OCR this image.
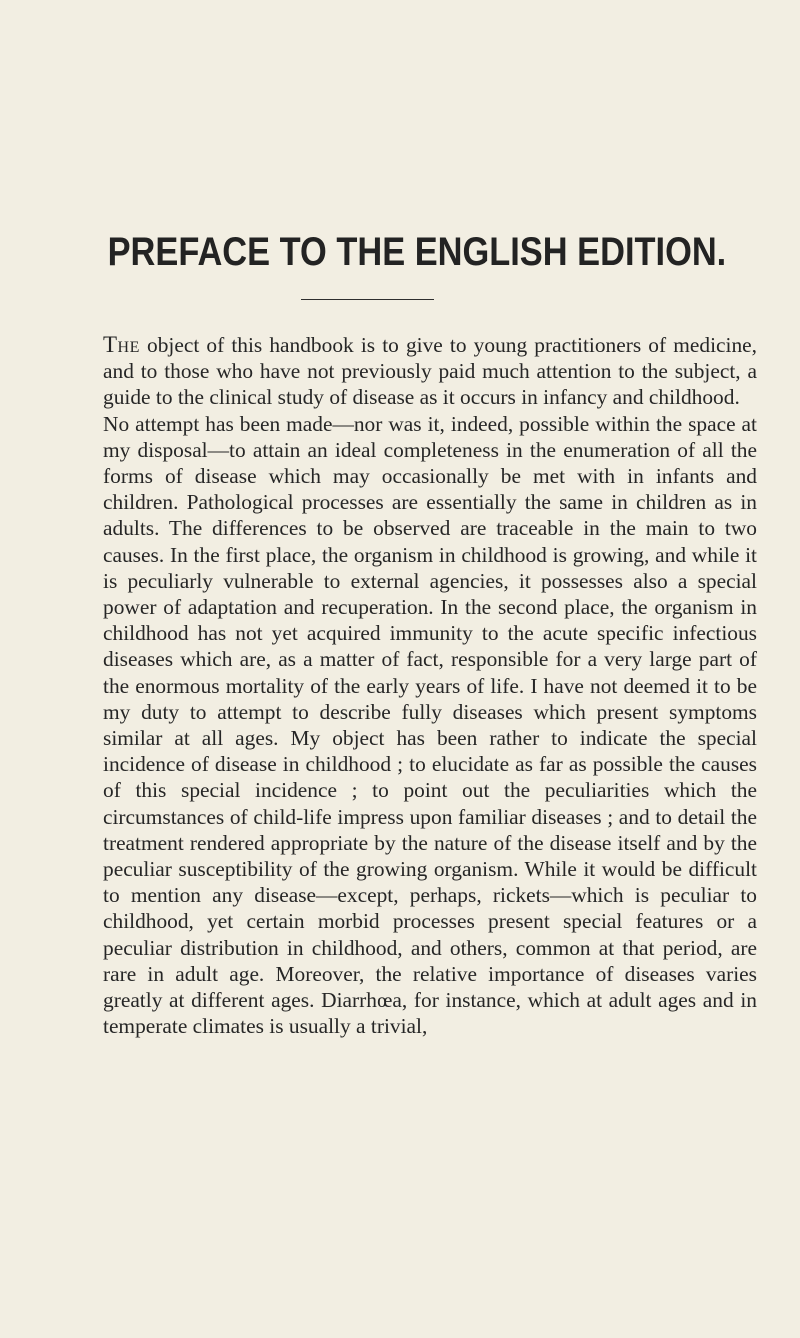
PREFACE TO THE ENGLISH EDITION.

The object of this handbook is to give to young practitioners of medicine, and to those who have not previously paid much attention to the subject, a guide to the clinical study of disease as it occurs in infancy and childhood.

No attempt has been made—nor was it, indeed, possible within the space at my disposal—to attain an ideal completeness in the enumeration of all the forms of disease which may occasionally be met with in infants and children. Pathological processes are essentially the same in children as in adults. The differences to be observed are traceable in the main to two causes. In the first place, the organism in childhood is growing, and while it is peculiarly vulnerable to external agencies, it possesses also a special power of adaptation and recuperation. In the second place, the organism in childhood has not yet acquired immunity to the acute specific infectious diseases which are, as a matter of fact, responsible for a very large part of the enormous mortality of the early years of life. I have not deemed it to be my duty to attempt to describe fully diseases which present symptoms similar at all ages. My object has been rather to indicate the special incidence of disease in childhood ; to elucidate as far as possible the causes of this special incidence ; to point out the peculiarities which the circumstances of child-life impress upon familiar diseases ; and to detail the treatment rendered appropriate by the nature of the disease itself and by the peculiar susceptibility of the growing organism. While it would be difficult to mention any disease—except, perhaps, rickets—which is peculiar to childhood, yet certain morbid processes present special features or a peculiar distribution in childhood, and others, common at that period, are rare in adult age. Moreover, the relative importance of diseases varies greatly at different ages. Diarrhœa, for instance, which at adult ages and in temperate climates is usually a trivial,
